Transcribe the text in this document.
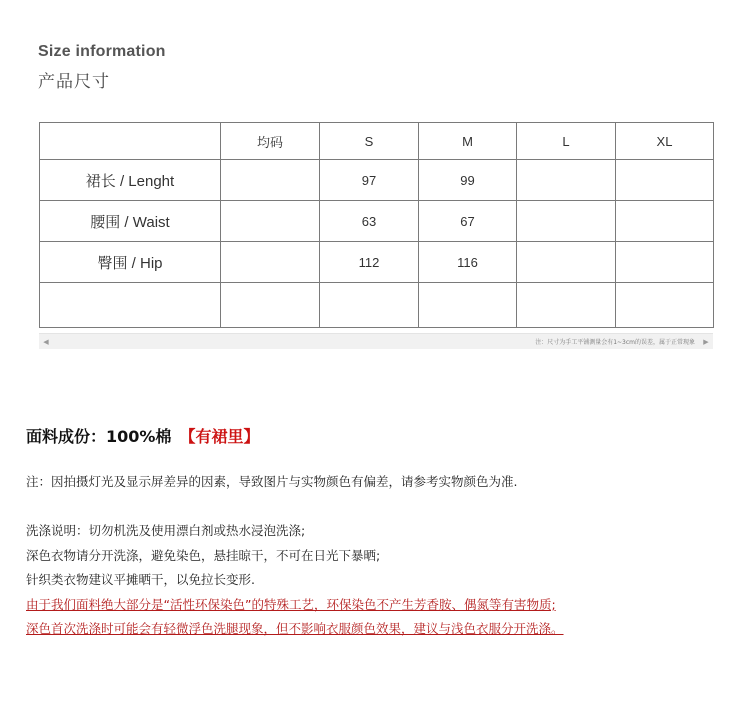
Size information
产品尺寸
	均码	S	M	L	XL
裙长 / Lenght		97	99		
腰围 / Waist		63	67		
臀围 / Hip		112	116		

◀	注：尺寸为手工平铺测量会有1~3cm的误差，属于正常现象	▶
面料成份：100%棉 【有裙里】
注：因拍摄灯光及显示屏差异的因素，导致图片与实物颜色有偏差，请参考实物颜色为准.
洗涤说明：切勿机洗及使用漂白剂或热水浸泡洗涤;
深色衣物请分开洗涤，避免染色，悬挂晾干，不可在日光下暴晒;
针织类衣物建议平摊晒干，以免拉长变形.
由于我们面料绝大部分是“活性环保染色”的特殊工艺，环保染色不产生芳香胺、偶氮等有害物质;
深色首次洗涤时可能会有轻微浮色洗腿现象，但不影响衣服颜色效果，建议与浅色衣服分开洗涤。
